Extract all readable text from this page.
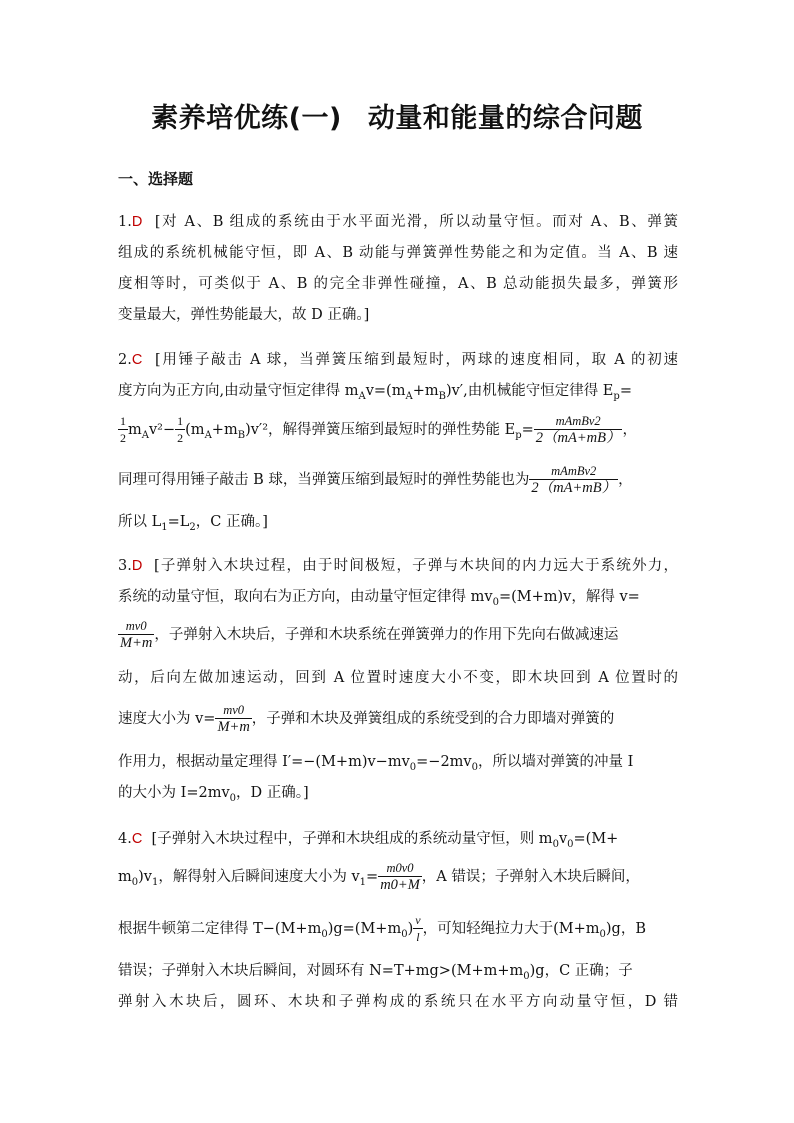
素养培优练(一) 动量和能量的综合问题
一、选择题
1.D [对 A、B 组成的系统由于水平面光滑，所以动量守恒。而对 A、B、弹簧
组成的系统机械能守恒，即 A、B 动能与弹簧弹性势能之和为定值。当 A、B 速
度相等时，可类似于 A、B 的完全非弹性碰撞，A、B 总动能损失最多，弹簧形
变量最大，弹性势能最大，故 D 正确。]
2.C [用锤子敲击 A 球，当弹簧压缩到最短时，两球的速度相同，取 A 的初速
度方向为正方向,由动量守恒定律得 $m_Av=(m_A+m_B)v'$,由机械能守恒定律得 $E_p=$
$\frac{1}{2} m_Av^2- \frac{1}{2} (m_A+m_B)v'^2$，解得弹簧压缩到最短时的弹性势能 $E_p= \frac{\text{mAmBv2}}{2(mA+mB)}$ ，
同理可得用锤子敲击 B 球，当弹簧压缩到最短时的弹性势能也为 $\frac{\text{mAmBv2}}{2(mA+mB)}$ ，
所以 $L_1=L_2$，C 正确。]
3.D [子弹射入木块过程，由于时间极短，子弹与木块间的内力远大于系统外力，
系统的动量守恒，取向右为正方向，由动量守恒定律得 $mv_0=(M+m)v$，解得 v=
$\frac{mv0}{M+m}$ ，子弹射入木块后，子弹和木块系统在弹簧弹力的作用下先向右做减速运
动，后向左做加速运动，回到 A 位置时速度大小不变，即木块回到 A 位置时的
速度大小为 $v= \frac{mv0}{M+m}$ ，子弹和木块及弹簧组成的系统受到的合力即墙对弹簧的
作用力，根据动量定理得 $I'=-(M+m)v-mv_0=-2mv_0$，所以墙对弹簧的冲量 I
的大小为 $I=2mv_0$，D 正确。]
4.C [子弹射入木块过程中，子弹和木块组成的系统动量守恒，则 $m_0v_0=(M+$
$m_0)v_1$，解得射入后瞬间速度大小为 $v_1= \frac{m0v0}{m0+M}$ ，A 错误；子弹射入木块后瞬间，
根据牛顿第二定律得 $T-(M+m_0)g=(M+m_0) \frac{v}{l}$ ，可知轻绳拉力大于$(M+m_0)g$，B
错误；子弹射入木块后瞬间，对圆环有 $N=T+mg>(M+m+m_0)g$，C 正确；子
弹射入木块后，圆环、木块和子弹构成的系统只在水平方向动量守恒，D 错
